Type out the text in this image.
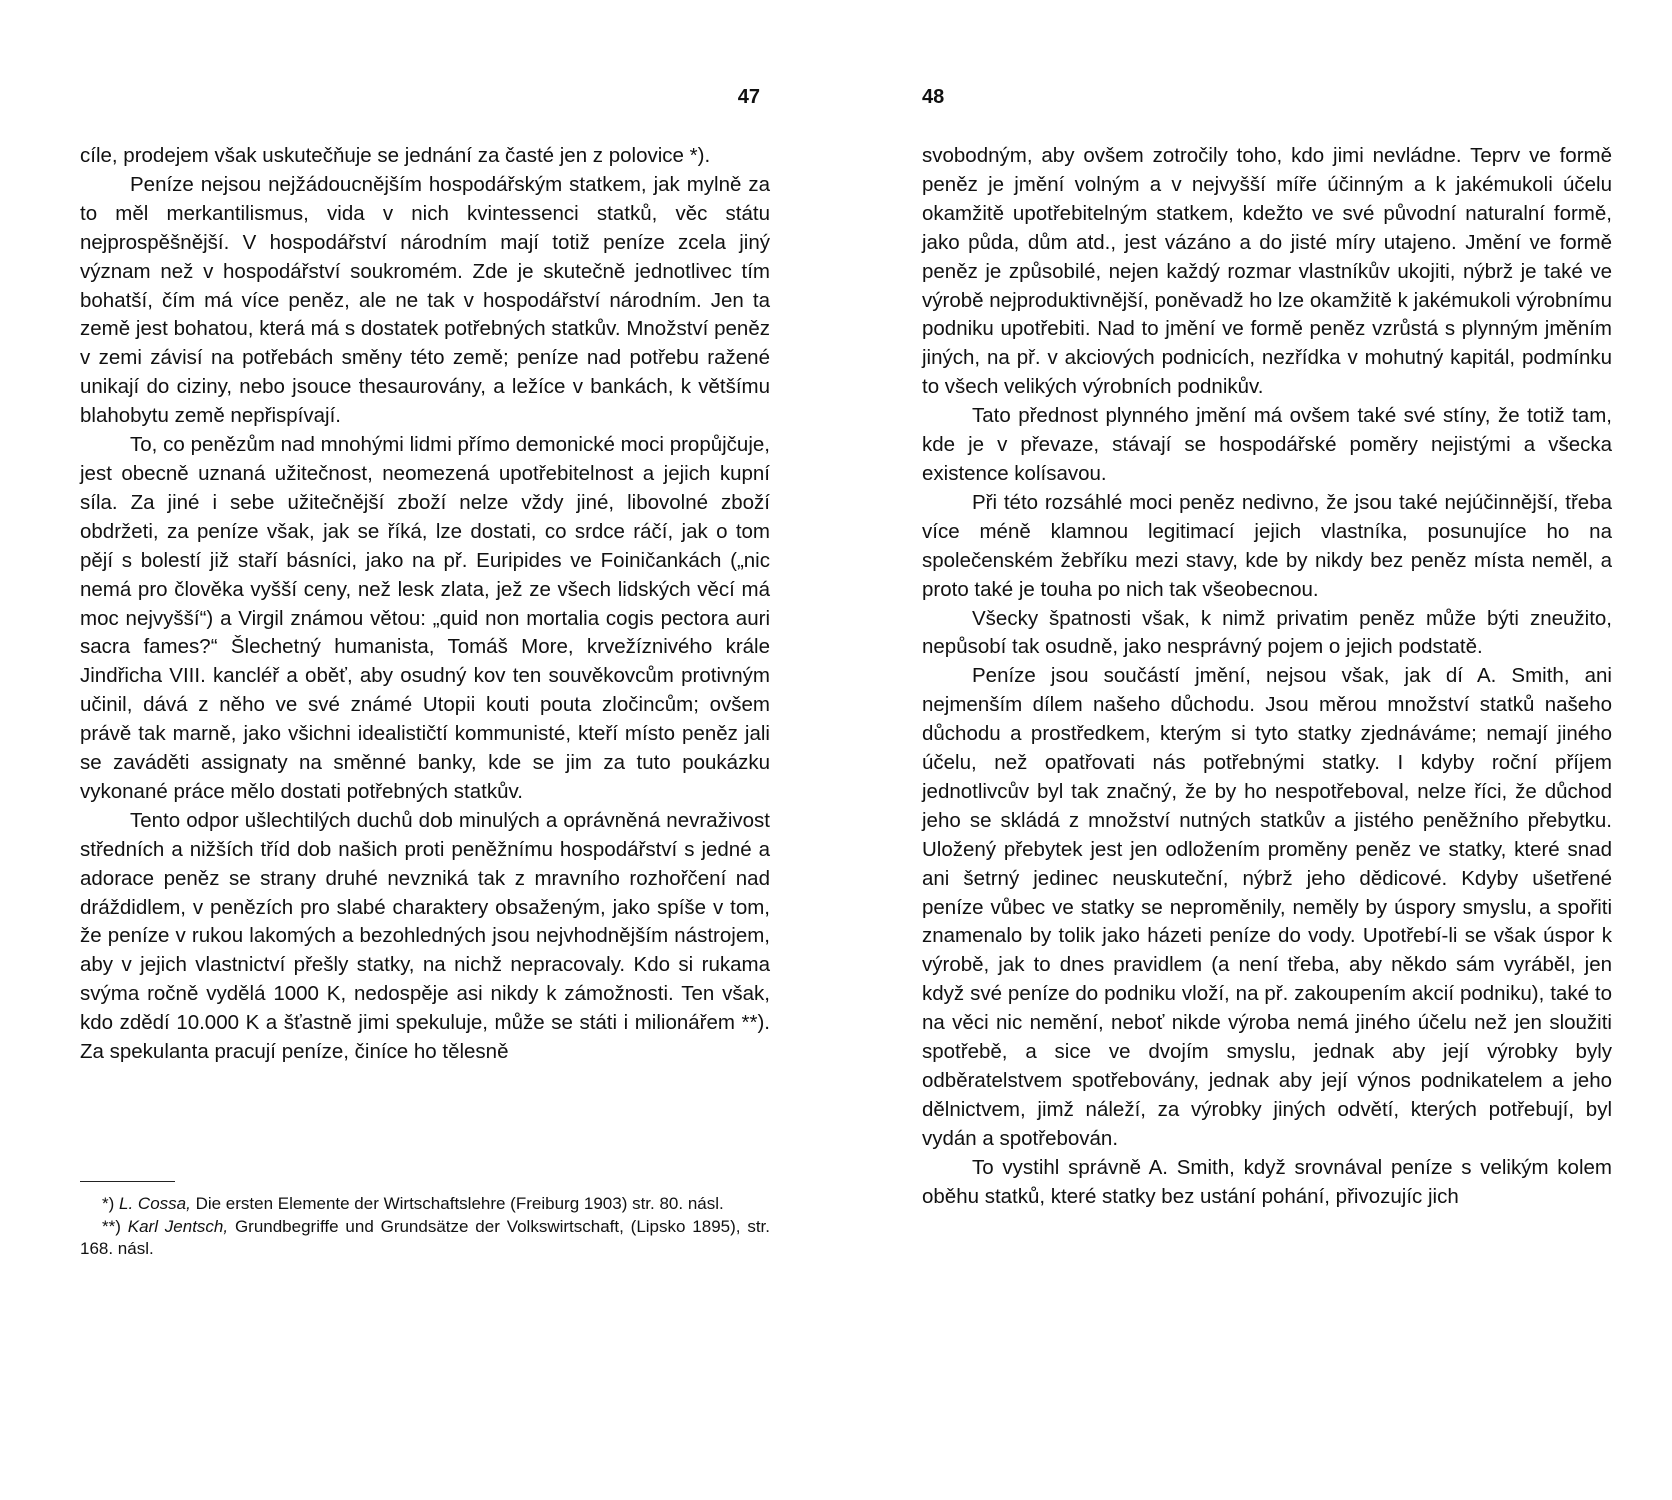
47

cíle, prodejem však uskutečňuje se jednání za časté jen z polovice *).

Peníze nejsou nejžádoucnějším hospodářským statkem, jak mylně za to měl merkantilismus, vida v nich kvintessenci statků, věc státu nejprospěšnější. V hospodářství národním mají totiž peníze zcela jiný význam než v hospodářství soukromém. Zde je skutečně jednotlivec tím bohatší, čím má více peněz, ale ne tak v hospodářství národním. Jen ta země jest bohatou, která má s dostatek potřebných statkův. Množství peněz v zemi závisí na potřebách směny této země; peníze nad potřebu ražené unikají do ciziny, nebo jsouce thesaurovány, a ležíce v bankách, k většímu blahobytu země nepřispívají.

To, co penězům nad mnohými lidmi přímo demonické moci propůjčuje, jest obecně uznaná užitečnost, neomezená upotřebitelnost a jejich kupní síla. Za jiné i sebe užitečnější zboží nelze vždy jiné, libovolné zboží obdržeti, za peníze však, jak se říká, lze dostati, co srdce ráčí, jak o tom pějí s bolestí již staří básníci, jako na př. Euripides ve Foiničankách („nic nemá pro člověka vyšší ceny, než lesk zlata, jež ze všech lidských věcí má moc nejvyšší“) a Virgil známou větou: „quid non mortalia cogis pectora auri sacra fames?“ Šlechetný humanista, Tomáš More, krvežíznivého krále Jindřicha VIII. kancléř a oběť, aby osudný kov ten souvěkovcům protivným učinil, dává z něho ve své známé Utopii kouti pouta zločincům; ovšem právě tak marně, jako všichni idealističtí kommunisté, kteří místo peněz jali se zaváděti assignaty na směnné banky, kde se jim za tuto poukázku vykonané práce mělo dostati potřebných statkův.

Tento odpor ušlechtilých duchů dob minulých a oprávněná nevraživost středních a nižších tříd dob našich proti peněžnímu hospodářství s jedné a adorace peněz se strany druhé nevzniká tak z mravního rozhořčení nad dráždidlem, v penězích pro slabé charaktery obsaženým, jako spíše v tom, že peníze v rukou lakomých a bezohledných jsou nejvhodnějším nástrojem, aby v jejich vlastnictví přešly statky, na nichž nepracovaly. Kdo si rukama svýma ročně vydělá 1000 K, nedospěje asi nikdy k zámožnosti. Ten však, kdo zdědí 10.000 K a šťastně jimi spekuluje, může se státi i milionářem **). Za spekulanta pracují peníze, činíce ho tělesně

*) L. Cossa, Die ersten Elemente der Wirtschaftslehre (Freiburg 1903) str. 80. násl.

**) Karl Jentsch, Grundbegriffe und Grundsätze der Volkswirtschaft, (Lipsko 1895), str. 168. násl.

48

svobodným, aby ovšem zotročily toho, kdo jimi nevládne. Teprv ve formě peněz je jmění volným a v nejvyšší míře účinným a k jakémukoli účelu okamžitě upotřebitelným statkem, kdežto ve své původní naturalní formě, jako půda, dům atd., jest vázáno a do jisté míry utajeno. Jmění ve formě peněz je způsobilé, nejen každý rozmar vlastníkův ukojiti, nýbrž je také ve výrobě nejproduktivnější, poněvadž ho lze okamžitě k jakémukoli výrobnímu podniku upotřebiti. Nad to jmění ve formě peněz vzrůstá s plynným jměním jiných, na př. v akciových podnicích, nezřídka v mohutný kapitál, podmínku to všech velikých výrobních podnikův.

Tato přednost plynného jmění má ovšem také své stíny, že totiž tam, kde je v převaze, stávají se hospodářské poměry nejistými a všecka existence kolísavou.

Při této rozsáhlé moci peněz nedivno, že jsou také nejúčinnější, třeba více méně klamnou legitimací jejich vlastníka, posunujíce ho na společenském žebříku mezi stavy, kde by nikdy bez peněz místa neměl, a proto také je touha po nich tak všeobecnou.

Všecky špatnosti však, k nimž privatim peněz může býti zneužito, nepůsobí tak osudně, jako nesprávný pojem o jejich podstatě.

Peníze jsou součástí jmění, nejsou však, jak dí A. Smith, ani nejmenším dílem našeho důchodu. Jsou měrou množství statků našeho důchodu a prostředkem, kterým si tyto statky zjednáváme; nemají jiného účelu, než opatřovati nás potřebnými statky. I kdyby roční příjem jednotlivcův byl tak značný, že by ho nespotřeboval, nelze říci, že důchod jeho se skládá z množství nutných statkův a jistého peněžního přebytku. Uložený přebytek jest jen odložením proměny peněz ve statky, které snad ani šetrný jedinec neuskuteční, nýbrž jeho dědicové. Kdyby ušetřené peníze vůbec ve statky se neproměnily, neměly by úspory smyslu, a spořiti znamenalo by tolik jako házeti peníze do vody. Upotřebí-li se však úspor k výrobě, jak to dnes pravidlem (a není třeba, aby někdo sám vyráběl, jen když své peníze do podniku vloží, na př. zakoupením akcií podniku), také to na věci nic nemění, neboť nikde výroba nemá jiného účelu než jen sloužiti spotřebě, a sice ve dvojím smyslu, jednak aby její výrobky byly odběratelstvem spotřebovány, jednak aby její výnos podnikatelem a jeho dělnictvem, jimž náleží, za výrobky jiných odvětí, kterých potřebují, byl vydán a spotřebován.

To vystihl správně A. Smith, když srovnával peníze s velikým kolem oběhu statků, které statky bez ustání pohání, přivozujíc jich
